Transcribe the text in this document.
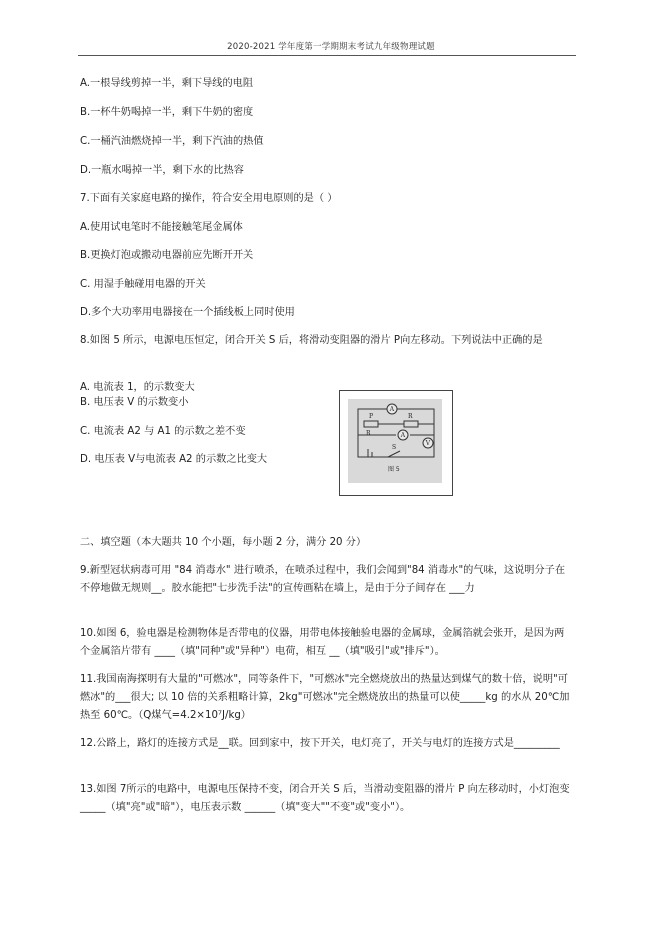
2020-2021 学年度第一学期期末考试九年级物理试题
A.一根导线剪掉一半，剩下导线的电阻
B.一杯牛奶喝掉一半，剩下牛奶的密度
C.一桶汽油燃烧掉一半，剩下汽油的热值
D.一瓶水喝掉一半，剩下水的比热容
7.下面有关家庭电路的操作，符合安全用电原则的是（ ）
A.使用试电笔时不能接触笔尾金属体
B.更换灯泡或搬动电器前应先断开开关
C. 用湿手触碰用电器的开关
D.多个大功率用电器接在一个插线板上同时使用
8.如图 5 所示，电源电压恒定，闭合开关 S 后，将滑动变阻器的滑片 P向左移动。下列说法中正确的是
A. 电流表 1，的示数变大
B. 电压表 V 的示数变小
C. 电流表 A2 与 A1 的示数之差不变
D. 电压表 V与电流表 A2 的示数之比变大
A
A
V
P
R
R
S
图 5
二、填空题（本大题共 10 个小题，每小题 2 分，满分 20 分）
9.新型冠状病毒可用 "84 消毒水" 进行喷杀，在喷杀过程中，我们会闻到"84 消毒水"的气味，这说明分子在不停地做无规则__。胶水能把"七步洗手法"的宣传画粘在墙上，是由于分子间存在 ___力
10.如图 6，验电器是检测物体是否带电的仪器，用带电体接触验电器的金属球，金属箔就会张开，是因为两个金属箔片带有 ____（填"同种"或"异种"）电荷，相互 __（填"吸引"或"排斥"）。
11.我国南海探明有大量的"可燃冰"，同等条件下，"可燃冰"完全燃烧放出的热量达到煤气的数十倍，说明"可燃冰"的___很大; 以 10 倍的关系粗略计算，2kg"可燃冰"完全燃烧放出的热量可以使_____kg 的水从 20℃加热至 60℃。（Q煤气=4.2×10⁷J/kg）
12.公路上，路灯的连接方式是__联。回到家中，按下开关，电灯亮了，开关与电灯的连接方式是_________
13.如图 7所示的电路中，电源电压保持不变，闭合开关 S 后，当滑动变阻器的滑片 P 向左移动时，小灯泡变 _____（填"亮"或"暗"），电压表示数 ______（填"变大""不变"或"变小"）。
